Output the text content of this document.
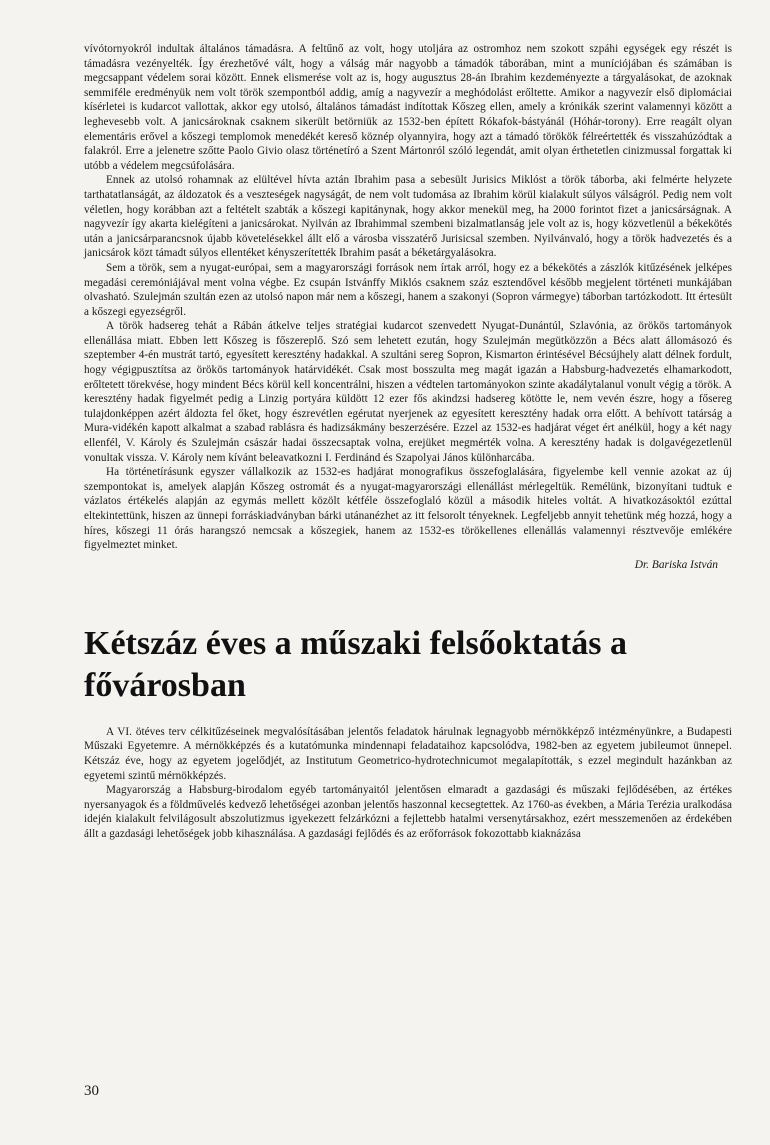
vívótornyokról indultak általános támadásra. A feltűnő az volt, hogy utoljára az ostromhoz nem szokott szpáhi egységek egy részét is támadásra vezényelték. Így érezhetővé vált, hogy a válság már nagyobb a támadók táborában, mint a muníciójában és számában is megcsappant védelem sorai között. Ennek elismerése volt az is, hogy augusztus 28-án Ibrahim kezdeményezte a tárgyalásokat, de azoknak semmiféle eredményük nem volt török szempontból addig, amíg a nagyvezír a meghódolást erőltette. Amikor a nagyvezír első diplomáciai kísérletei is kudarcot vallottak, akkor egy utolsó, általános támadást indítottak Kőszeg ellen, amely a krónikák szerint valamennyi között a leghevesebb volt. A janicsároknak csaknem sikerült betörniük az 1532-ben épített Rókafok-bástyánál (Hóhár-torony). Erre reagált olyan elementáris erővel a kőszegi templomok menedékét kereső köznép olyannyira, hogy azt a támadó törökök félreértették és visszahúzódtak a falakról. Erre a jelenetre szőtte Paolo Givio olasz történetíró a Szent Mártonról szóló legendát, amit olyan érthetetlen cinizmussal forgattak ki utóbb a védelem megcsúfolására.

Ennek az utolsó rohamnak az elültével hívta aztán Ibrahim pasa a sebesült Jurisics Miklóst a török táborba, aki felmérte helyzete tarthatatlanságát, az áldozatok és a veszteségek nagyságát, de nem volt tudomása az Ibrahim körül kialakult súlyos válságról. Pedig nem volt véletlen, hogy korábban azt a feltételt szabták a kőszegi kapitánynak, hogy akkor menekül meg, ha 2000 forintot fizet a janicsárságnak. A nagyvezír így akarta kielégíteni a janicsárokat. Nyilván az Ibrahimmal szembeni bizalmatlanság jele volt az is, hogy közvetlenül a békekötés után a janicsárparancsnok újabb követelésekkel állt elő a városba visszatérő Jurisicsal szemben. Nyilvánvaló, hogy a török hadvezetés és a janicsárok közt támadt súlyos ellentéket kényszerítették Ibrahim pasát a béketárgyalásokra.

Sem a török, sem a nyugat-európai, sem a magyarországi források nem írtak arról, hogy ez a békekötés a zászlók kitűzésének jelképes megadási ceremóniájával ment volna végbe. Ez csupán Istvánffy Miklós csaknem száz esztendővel később megjelent történeti munkájában olvasható. Szulejmán szultán ezen az utolsó napon már nem a kőszegi, hanem a szakonyi (Sopron vármegye) táborban tartózkodott. Itt értesült a kőszegi egyezségről.

A török hadsereg tehát a Rábán átkelve teljes stratégiai kudarcot szenvedett Nyugat-Dunántúl, Szlavónia, az örökös tartományok ellenállása miatt. Ebben lett Kőszeg is főszereplő. Szó sem lehetett ezután, hogy Szulejmán megütközzön a Bécs alatt állomásozó és szeptember 4-én mustrát tartó, egyesített keresztény hadakkal. A szultáni sereg Sopron, Kismarton érintésével Bécsújhely alatt délnek fordult, hogy végigpusztítsa az örökös tartományok határvidékét. Csak most bosszulta meg magát igazán a Habsburg-hadvezetés elhamarkodott, erőltetett törekvése, hogy mindent Bécs körül kell koncentrálni, hiszen a védtelen tartományokon szinte akadálytalanul vonult végig a török. A keresztény hadak figyelmét pedig a Linzig portyára küldött 12 ezer fős akindzsi hadsereg kötötte le, nem vevén észre, hogy a fősereg tulajdonképpen azért áldozta fel őket, hogy észrevétlen egérutat nyerjenek az egyesített keresztény hadak orra előtt. A behívott tatárság a Mura-vidékén kapott alkalmat a szabad rablásra és hadizsákmány beszerzésére. Ezzel az 1532-es hadjárat véget ért anélkül, hogy a két nagy ellenfél, V. Károly és Szulejmán császár hadai összecsaptak volna, erejüket megmérték volna. A keresztény hadak is dolgavégezetlenül vonultak vissza. V. Károly nem kívánt beleavatkozni I. Ferdinánd és Szapolyai János különharcába.

Ha történetírásunk egyszer vállalkozik az 1532-es hadjárat monografikus összefoglalására, figyelembe kell vennie azokat az új szempontokat is, amelyek alapján Kőszeg ostromát és a nyugat-magyarországi ellenállást mérlegeltük. Remélünk, bizonyítani tudtuk e vázlatos értékelés alapján az egymás mellett közölt kétféle összefoglaló közül a második hiteles voltát. A hivatkozásoktól ezúttal eltekintettünk, hiszen az ünnepi forráskiadványban bárki utánanézhet az itt felsorolt tényeknek. Legfeljebb annyit tehetünk még hozzá, hogy a híres, kőszegi 11 órás harangszó nemcsak a kőszegiek, hanem az 1532-es törökellenes ellenállás valamennyi résztvevője emlékére figyelmeztet minket.

Dr. Bariska István
Kétszáz éves a műszaki felsőoktatás a fővárosban

A VI. ötéves terv célkitűzéseinek megvalósításában jelentős feladatok hárulnak legnagyobb mérnökképző intézményünkre, a Budapesti Műszaki Egyetemre. A mérnökképzés és a kutatómunka mindennapi feladataihoz kapcsolódva, 1982-ben az egyetem jubileumot ünnepel. Kétszáz éve, hogy az egyetem jogelődjét, az Institutum Geometrico-hydrotechnicumot megalapították, s ezzel megindult hazánkban az egyetemi szintű mérnökképzés.

Magyarország a Habsburg-birodalom egyéb tartományaitól jelentősen elmaradt a gazdasági és műszaki fejlődésében, az értékes nyersanyagok és a földművelés kedvező lehetőségei azonban jelentős haszonnal kecsegtettek. Az 1760-as években, a Mária Terézia uralkodása idején kialakult felvilágosult abszolutizmus igyekezett felzárkózni a fejlettebb hatalmi versenytársakhoz, ezért messzemenően az érdekében állt a gazdasági lehetőségek jobb kihasználása. A gazdasági fejlődés és az erőforrások fokozottabb kiaknázása

30
